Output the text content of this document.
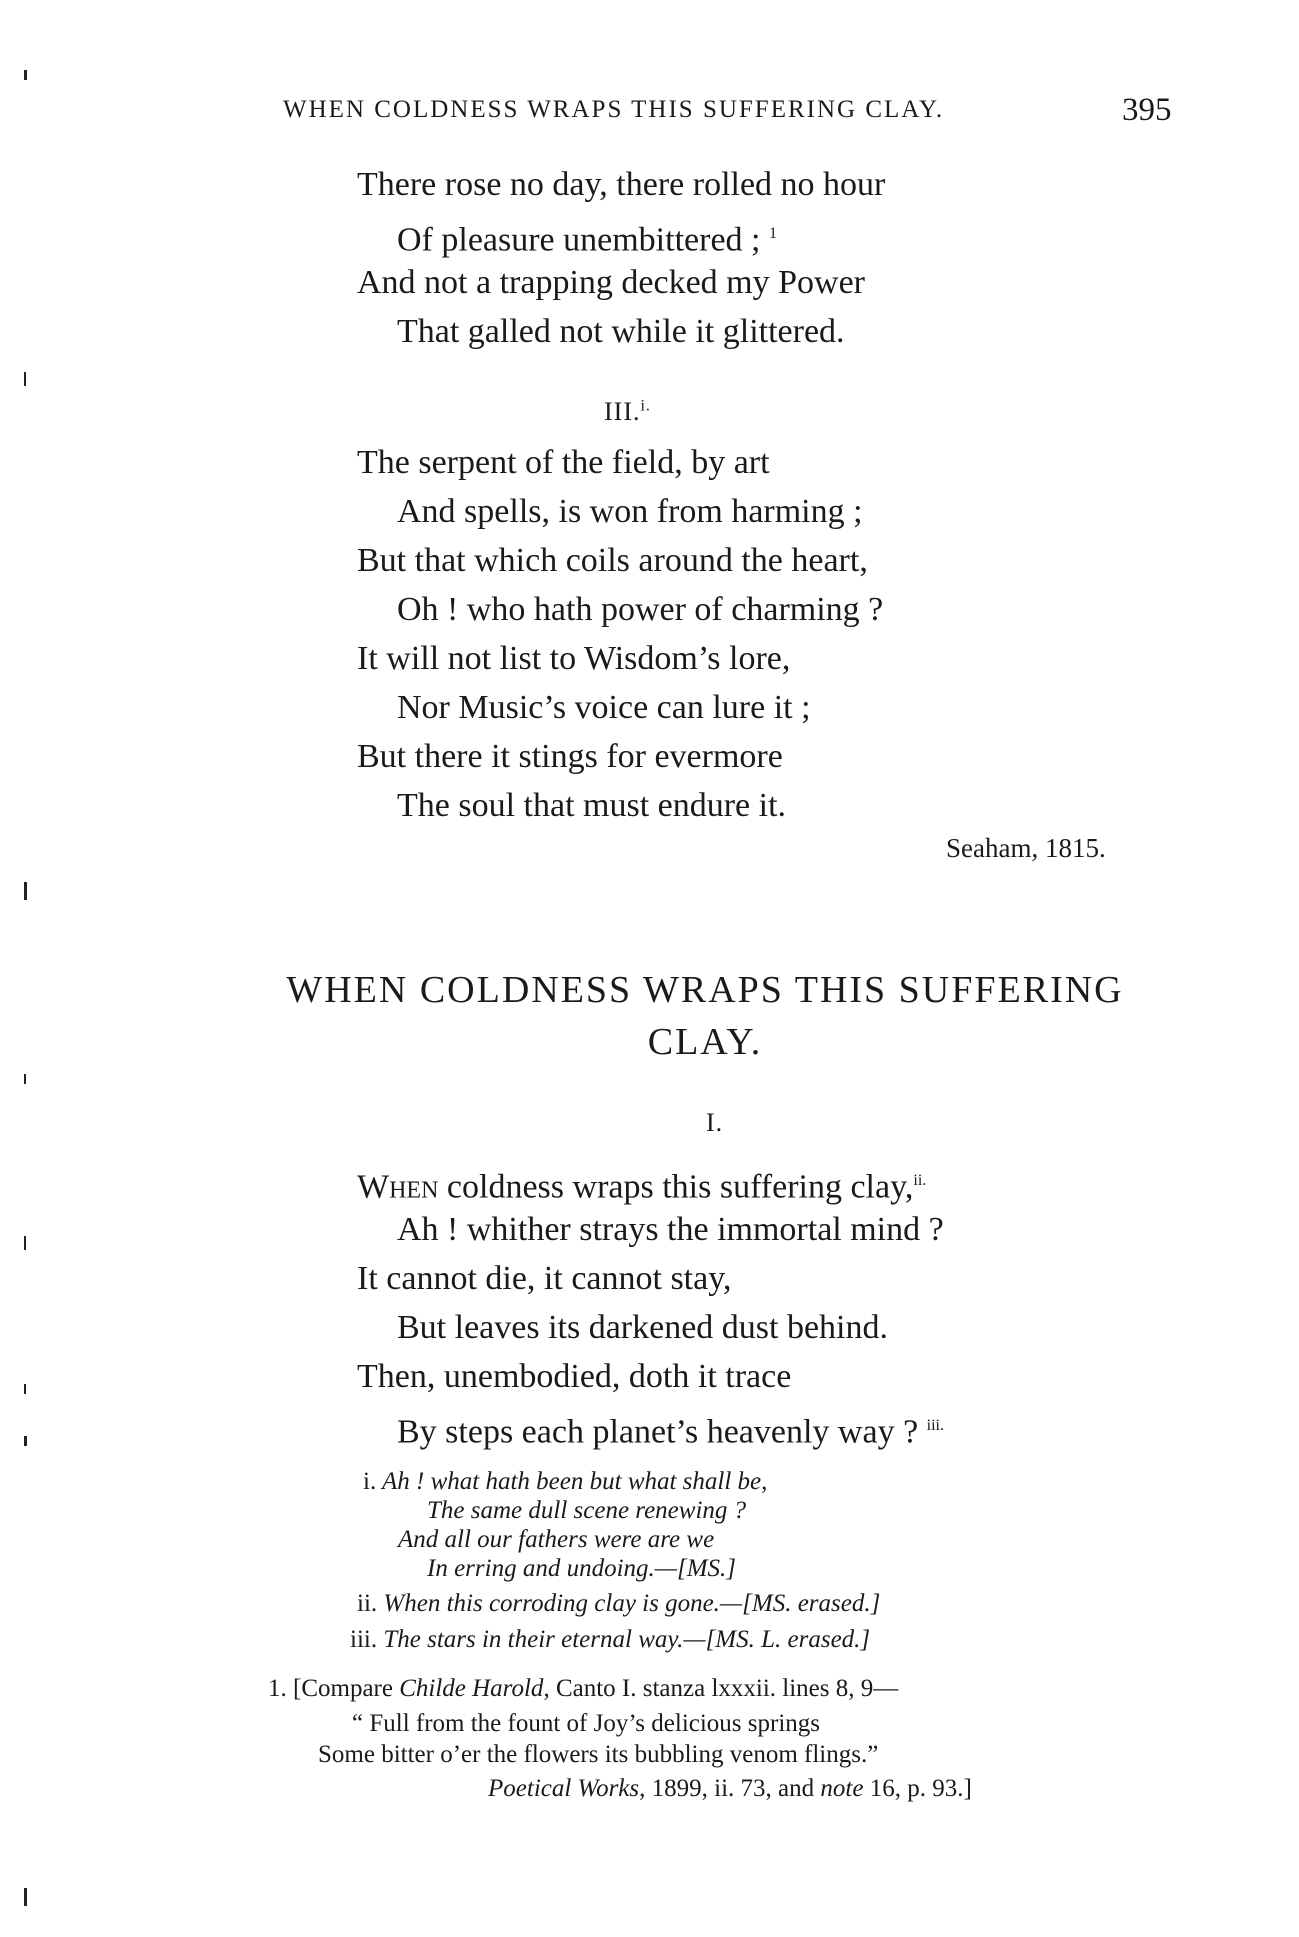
WHEN COLDNESS WRAPS THIS SUFFERING CLAY.	395
There rose no day, there rolled no hour
Of pleasure unembittered ; $^1$
And not a trapping decked my Power
That galled not while it glittered.
III.$^{i.}$
The serpent of the field, by art
And spells, is won from harming ;
But that which coils around the heart,
Oh ! who hath power of charming ?
It will not list to Wisdom’s lore,
Nor Music’s voice can lure it ;
But there it stings for evermore
The soul that must endure it.
Seaham, 1815.
WHEN COLDNESS WRAPS THIS SUFFERING
CLAY.
I.
When coldness wraps this suffering clay,$^{ii.}$
Ah ! whither strays the immortal mind ?
It cannot die, it cannot stay,
But leaves its darkened dust behind.
Then, unembodied, doth it trace
By steps each planet’s heavenly way ? $^{iii.}$
i. Ah ! what hath been but what shall be,
The same dull scene renewing ?
And all our fathers were are we
In erring and undoing.—[MS.]
ii. When this corroding clay is gone.—[MS. erased.]
iii. The stars in their eternal way.—[MS. L. erased.]
1. [Compare Childe Harold, Canto I. stanza lxxxii. lines 8, 9—
“ Full from the fount of Joy’s delicious springs
Some bitter o’er the flowers its bubbling venom flings.”
Poetical Works, 1899, ii. 73, and note 16, p. 93.]
